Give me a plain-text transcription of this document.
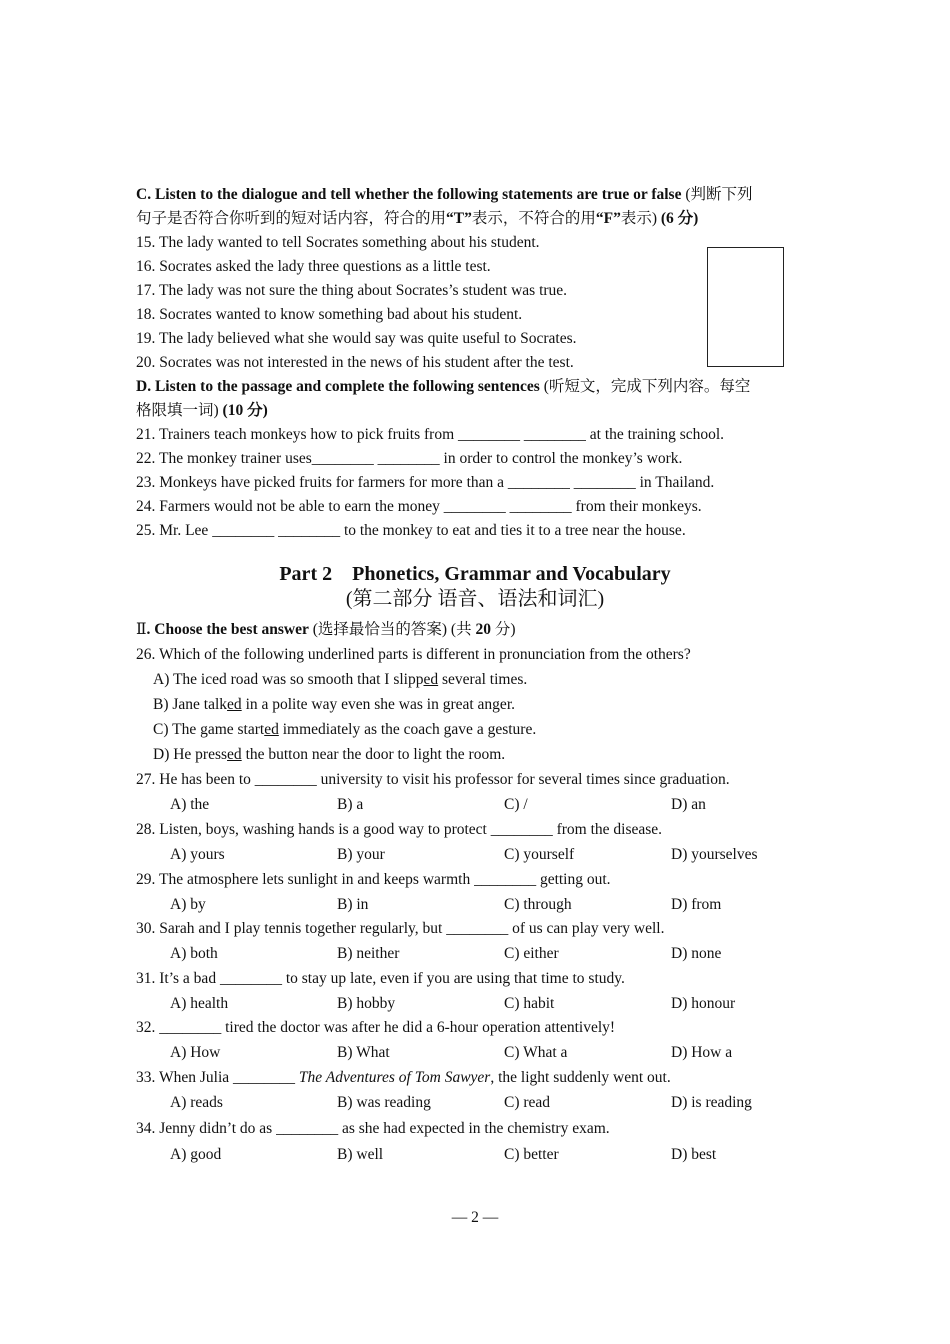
C. Listen to the dialogue and tell whether the following statements are true or false (判断下列
句子是否符合你听到的短对话内容，符合的用“T”表示，不符合的用“F”表示) (6 分)
15. The lady wanted to tell Socrates something about his student.
16. Socrates asked the lady three questions as a little test.
17. The lady was not sure the thing about Socrates’s student was true.
18. Socrates wanted to know something bad about his student.
19. The lady believed what she would say was quite useful to Socrates.
20. Socrates was not interested in the news of his student after the test.
D. Listen to the passage and complete the following sentences (听短文，完成下列内容。每空
格限填一词) (10 分)
21. Trainers teach monkeys how to pick fruits from ________ ________ at the training school.
22. The monkey trainer uses________ ________ in order to control the monkey’s work.
23. Monkeys have picked fruits for farmers for more than a ________ ________ in Thailand.
24. Farmers would not be able to earn the money ________ ________ from their monkeys.
25. Mr. Lee ________ ________ to the monkey to eat and ties it to a tree near the house.
Part 2　Phonetics, Grammar and Vocabulary
(第二部分 语音、语法和词汇)
Ⅱ. Choose the best answer (选择最恰当的答案) (共 20 分)
26. Which of the following underlined parts is different in pronunciation from the others?
A) The iced road was so smooth that I slipped several times.
B) Jane talked in a polite way even she was in great anger.
C) The game started immediately as the coach gave a gesture.
D) He pressed the button near the door to light the room.
27. He has been to ________ university to visit his professor for several times since graduation.
A) the	B) a	C) /	D) an
28. Listen, boys, washing hands is a good way to protect ________ from the disease.
A) yours	B) your	C) yourself	D) yourselves
29. The atmosphere lets sunlight in and keeps warmth ________ getting out.
A) by	B) in	C) through	D) from
30. Sarah and I play tennis together regularly, but ________ of us can play very well.
A) both	B) neither	C) either	D) none
31. It’s a bad ________ to stay up late, even if you are using that time to study.
A) health	B) hobby	C) habit	D) honour
32. ________ tired the doctor was after he did a 6-hour operation attentively!
A) How	B) What	C) What a	D) How a
33. When Julia ________ The Adventures of Tom Sawyer, the light suddenly went out.
A) reads	B) was reading	C) read	D) is reading
34. Jenny didn’t do as ________ as she had expected in the chemistry exam.
A) good	B) well	C) better	D) best
— 2 —
